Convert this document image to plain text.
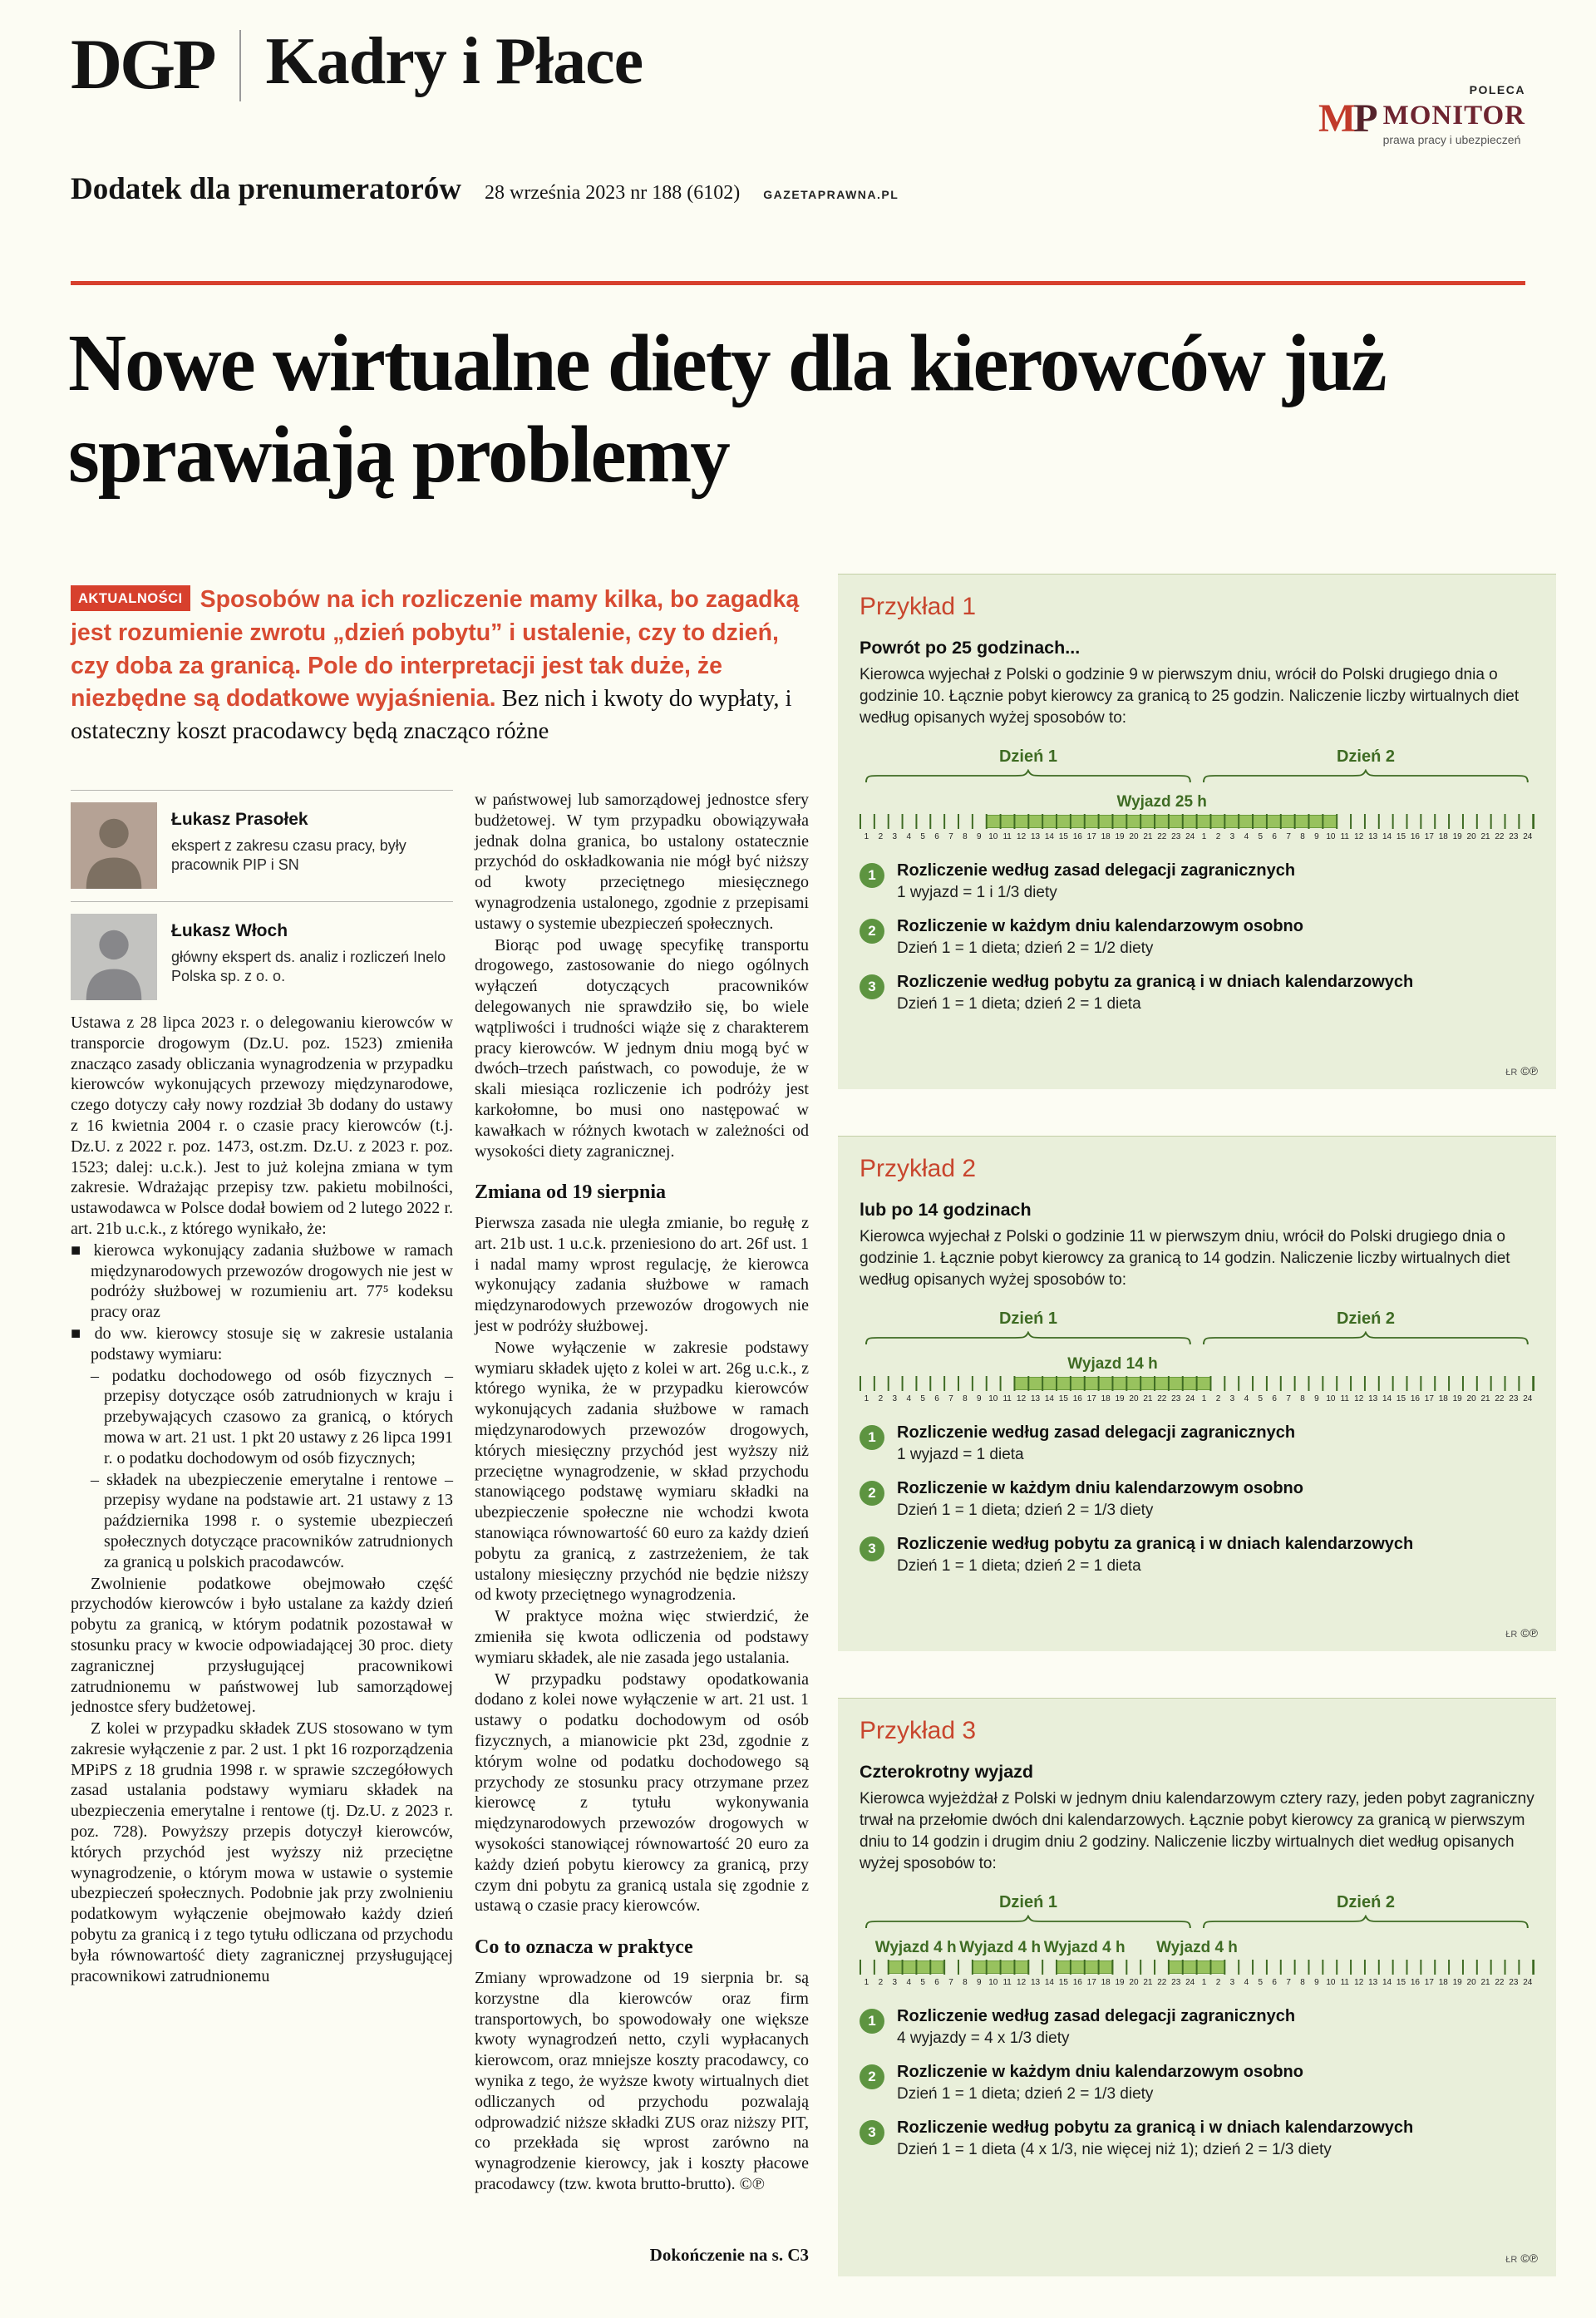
DGP Kadry i Płace	POLECA
MP MONITOR
prawa pracy i ubezpieczeń
Dodatek dla prenumeratorów 28 września 2023 nr 188 (6102) GAZETAPRAWNA.PL
Nowe wirtualne diety dla kierowców już sprawiają problemy
AKTUALNOŚCI Sposobów na ich rozliczenie mamy kilka, bo zagadką jest rozumienie zwrotu „dzień pobytu” i ustalenie, czy to dzień, czy doba za granicą. Pole do interpretacji jest tak duże, że niezbędne są dodatkowe wyjaśnienia. Bez nich i kwoty do wypłaty, i ostateczny koszt pracodawcy będą znacząco różne
Łukasz Prasołek
ekspert z zakresu czasu pracy, były pracownik PIP i SN
Łukasz Włoch
główny ekspert ds. analiz i rozliczeń Inelo Polska sp. z o. o.

Ustawa z 28 lipca 2023 r. o delegowaniu kierowców w transporcie drogowym (Dz.U. poz. 1523) zmieniła znacząco zasady obliczania wynagrodzenia w przypadku kierowców wykonujących przewozy międzynarodowe, czego dotyczy cały nowy rozdział 3b dodany do ustawy z 16 kwietnia 2004 r. o czasie pracy kierowców (t.j. Dz.U. z 2022 r. poz. 1473, ost.zm. Dz.U. z 2023 r. poz. 1523; dalej: u.c.k.). Jest to już kolejna zmiana w tym zakresie. Wdrażając przepisy tzw. pakietu mobilności, ustawodawca w Polsce dodał bowiem od 2 lutego 2022 r. art. 21b u.c.k., z którego wynikało, że:

■ kierowca wykonujący zadania służbowe w ramach międzynarodowych przewozów drogowych nie jest w podróży służbowej w rozumieniu art. 77⁵ kodeksu pracy oraz

■ do ww. kierowcy stosuje się w zakresie ustalania podstawy wymiaru:

– podatku dochodowego od osób fizycznych – przepisy dotyczące osób zatrudnionych w kraju i przebywających czasowo za granicą, o których mowa w art. 21 ust. 1 pkt 20 ustawy z 26 lipca 1991 r. o podatku dochodowym od osób fizycznych;

– składek na ubezpieczenie emerytalne i rentowe – przepisy wydane na podstawie art. 21 ustawy z 13 października 1998 r. o systemie ubezpieczeń społecznych dotyczące pracowników zatrudnionych za granicą u polskich pracodawców.

Zwolnienie podatkowe obejmowało część przychodów kierowców i było ustalane za każdy dzień pobytu za granicą, w którym podatnik pozostawał w stosunku pracy w kwocie odpowiadającej 30 proc. diety zagranicznej przysługującej pracownikowi zatrudnionemu w państwowej lub samorządowej jednostce sfery budżetowej.

Z kolei w przypadku składek ZUS stosowano w tym zakresie wyłączenie z par. 2 ust. 1 pkt 16 rozporządzenia MPiPS z 18 grudnia 1998 r. w sprawie szczegółowych zasad ustalania podstawy wymiaru składek na ubezpieczenia emerytalne i rentowe (tj. Dz.U. z 2023 r. poz. 728). Powyższy przepis dotyczył kierowców, których przychód jest wyższy niż przeciętne wynagrodzenie, o którym mowa w ustawie o systemie ubezpieczeń społecznych. Podobnie jak przy zwolnieniu podatkowym wyłączenie obejmowało każdy dzień pobytu za granicą i z tego tytułu odliczana od przychodu była równowartość diety zagranicznej przysługującej pracownikowi zatrudnionemu

w państwowej lub samorządowej jednostce sfery budżetowej. W tym przypadku obowiązywała jednak dolna granica, bo ustalony ostatecznie przychód do oskładkowania nie mógł być niższy od kwoty przeciętnego miesięcznego wynagrodzenia ustalonego, zgodnie z przepisami ustawy o systemie ubezpieczeń społecznych.

Biorąc pod uwagę specyfikę transportu drogowego, zastosowanie do niego ogólnych wyłączeń dotyczących pracowników delegowanych nie sprawdziło się, bo wiele wątpliwości i trudności wiąże się z charakterem pracy kierowców. W jednym dniu mogą być w dwóch–trzech państwach, co powoduje, że w skali miesiąca rozliczenie ich podróży jest karkołomne, bo musi ono następować w kawałkach w różnych kwotach w zależności od wysokości diety zagranicznej.

Zmiana od 19 sierpnia

Pierwsza zasada nie uległa zmianie, bo regułę z art. 21b ust. 1 u.c.k. przeniesiono do art. 26f ust. 1 i nadal mamy wprost regulację, że kierowca wykonujący zadania służbowe w ramach międzynarodowych przewozów drogowych nie jest w podróży służbowej.

Nowe wyłączenie w zakresie podstawy wymiaru składek ujęto z kolei w art. 26g u.c.k., z którego wynika, że w przypadku kierowców wykonujących zadania służbowe w ramach międzynarodowych przewozów drogowych, których miesięczny przychód jest wyższy niż przeciętne wynagrodzenie, w skład przychodu stanowiącego podstawę wymiaru składki na ubezpieczenie społeczne nie wchodzi kwota stanowiąca równowartość 60 euro za każdy dzień pobytu za granicą, z zastrzeżeniem, że tak ustalony miesięczny przychód nie będzie niższy od kwoty przeciętnego wynagrodzenia.

W praktyce można więc stwierdzić, że zmieniła się kwota odliczenia od podstawy wymiaru składek, ale nie zasada jego ustalania.

W przypadku podstawy opodatkowania dodano z kolei nowe wyłączenie w art. 21 ust. 1 ustawy o podatku dochodowym od osób fizycznych, a mianowicie pkt 23d, zgodnie z którym wolne od podatku dochodowego są przychody ze stosunku pracy otrzymane przez kierowcę z tytułu wykonywania międzynarodowych przewozów drogowych w wysokości stanowiącej równowartość 20 euro za każdy dzień pobytu kierowcy za granicą, przy czym dni pobytu za granicą ustala się zgodnie z ustawą o czasie pracy kierowców.

Co to oznacza w praktyce

Zmiany wprowadzone od 19 sierpnia br. są korzystne dla kierowców oraz firm transportowych, bo spowodowały one większe kwoty wynagrodzeń netto, czyli wypłacanych kierowcom, oraz mniejsze koszty pracodawcy, co wynika z tego, że wyższe kwoty wirtualnych diet odliczanych od przychodu pozwalają odprowadzić niższe składki ZUS oraz niższy PIT, co przekłada się wprost zarówno na wynagrodzenie kierowcy, jak i koszty płacowe pracodawcy (tzw. kwota brutto-brutto). ©℗

Dokończenie na s. C3

Przykład 1
Powrót po 25 godzinach...

Kierowca wyjechał z Polski o godzinie 9 w pierwszym dniu, wrócił do Polski drugiego dnia o godzinie 10. Łącznie pobyt kierowcy za granicą to 25 godzin. Naliczenie liczby wirtualnych diet według opisanych wyżej sposobów to:

Dzień 1	Dzień 2
Wyjazd 25 h
1	2	3	4	5	6	7	8	9 10 11 12 13 14 15 16 17 18 19 20 21 22 23 24 1	2	3	4	5	6	7	8	9 10 11 12 13 14 15 16 17 18 19 20 21 22 23 24
1	Rozliczenie według zasad delegacji zagranicznych
1 wyjazd = 1 i 1/3 diety
2	Rozliczenie w każdym dniu kalendarzowym osobno
Dzień 1 = 1 dieta; dzień 2 = 1/2 diety
3	Rozliczenie według pobytu za granicą i w dniach kalendarzowych
Dzień 1 = 1 dieta; dzień 2 = 1 dieta
ŁR ©℗
Przykład 2
lub po 14 godzinach

Kierowca wyjechał z Polski o godzinie 11 w pierwszym dniu, wrócił do Polski drugiego dnia o godzinie 1. Łącznie pobyt kierowcy za granicą to 14 godzin. Naliczenie liczby wirtualnych diet według opisanych wyżej sposobów to:

Dzień 1	Dzień 2
Wyjazd 14 h
1	2	3	4	5	6	7	8	9 10 11 12 13 14 15 16 17 18 19 20 21 22 23 24 1	2	3	4	5	6	7	8	9 10 11 12 13 14 15 16 17 18 19 20 21 22 23 24
1	Rozliczenie według zasad delegacji zagranicznych
1 wyjazd = 1 dieta
2	Rozliczenie w każdym dniu kalendarzowym osobno
Dzień 1 = 1 dieta; dzień 2 = 1/3 diety
3	Rozliczenie według pobytu za granicą i w dniach kalendarzowych
Dzień 1 = 1 dieta; dzień 2 = 1 dieta
ŁR ©℗
Przykład 3
Czterokrotny wyjazd

Kierowca wyjeżdżał z Polski w jednym dniu kalendarzowym cztery razy, jeden pobyt zagraniczny trwał na przełomie dwóch dni kalendarzowych. Łącznie pobyt kierowcy za granicą w pierwszym dniu to 14 godzin i drugim dniu 2 godziny. Naliczenie liczby wirtualnych diet według opisanych wyżej sposobów to:

Dzień 1	Dzień 2
Wyjazd 4 h Wyjazd 4 h Wyjazd 4 h Wyjazd 4 h
1	2	3	4	5	6	7	8	9 10 11 12 13 14 15 16 17 18 19 20 21 22 23 24 1	2	3	4	5	6	7	8	9 10 11 12 13 14 15 16 17 18 19 20 21 22 23 24
1	Rozliczenie według zasad delegacji zagranicznych
4 wyjazdy = 4 x 1/3 diety
2	Rozliczenie w każdym dniu kalendarzowym osobno
Dzień 1 = 1 dieta; dzień 2 = 1/3 diety
3	Rozliczenie według pobytu za granicą i w dniach kalendarzowych
Dzień 1 = 1 dieta (4 x 1/3, nie więcej niż 1); dzień 2 = 1/3 diety
ŁR ©℗
